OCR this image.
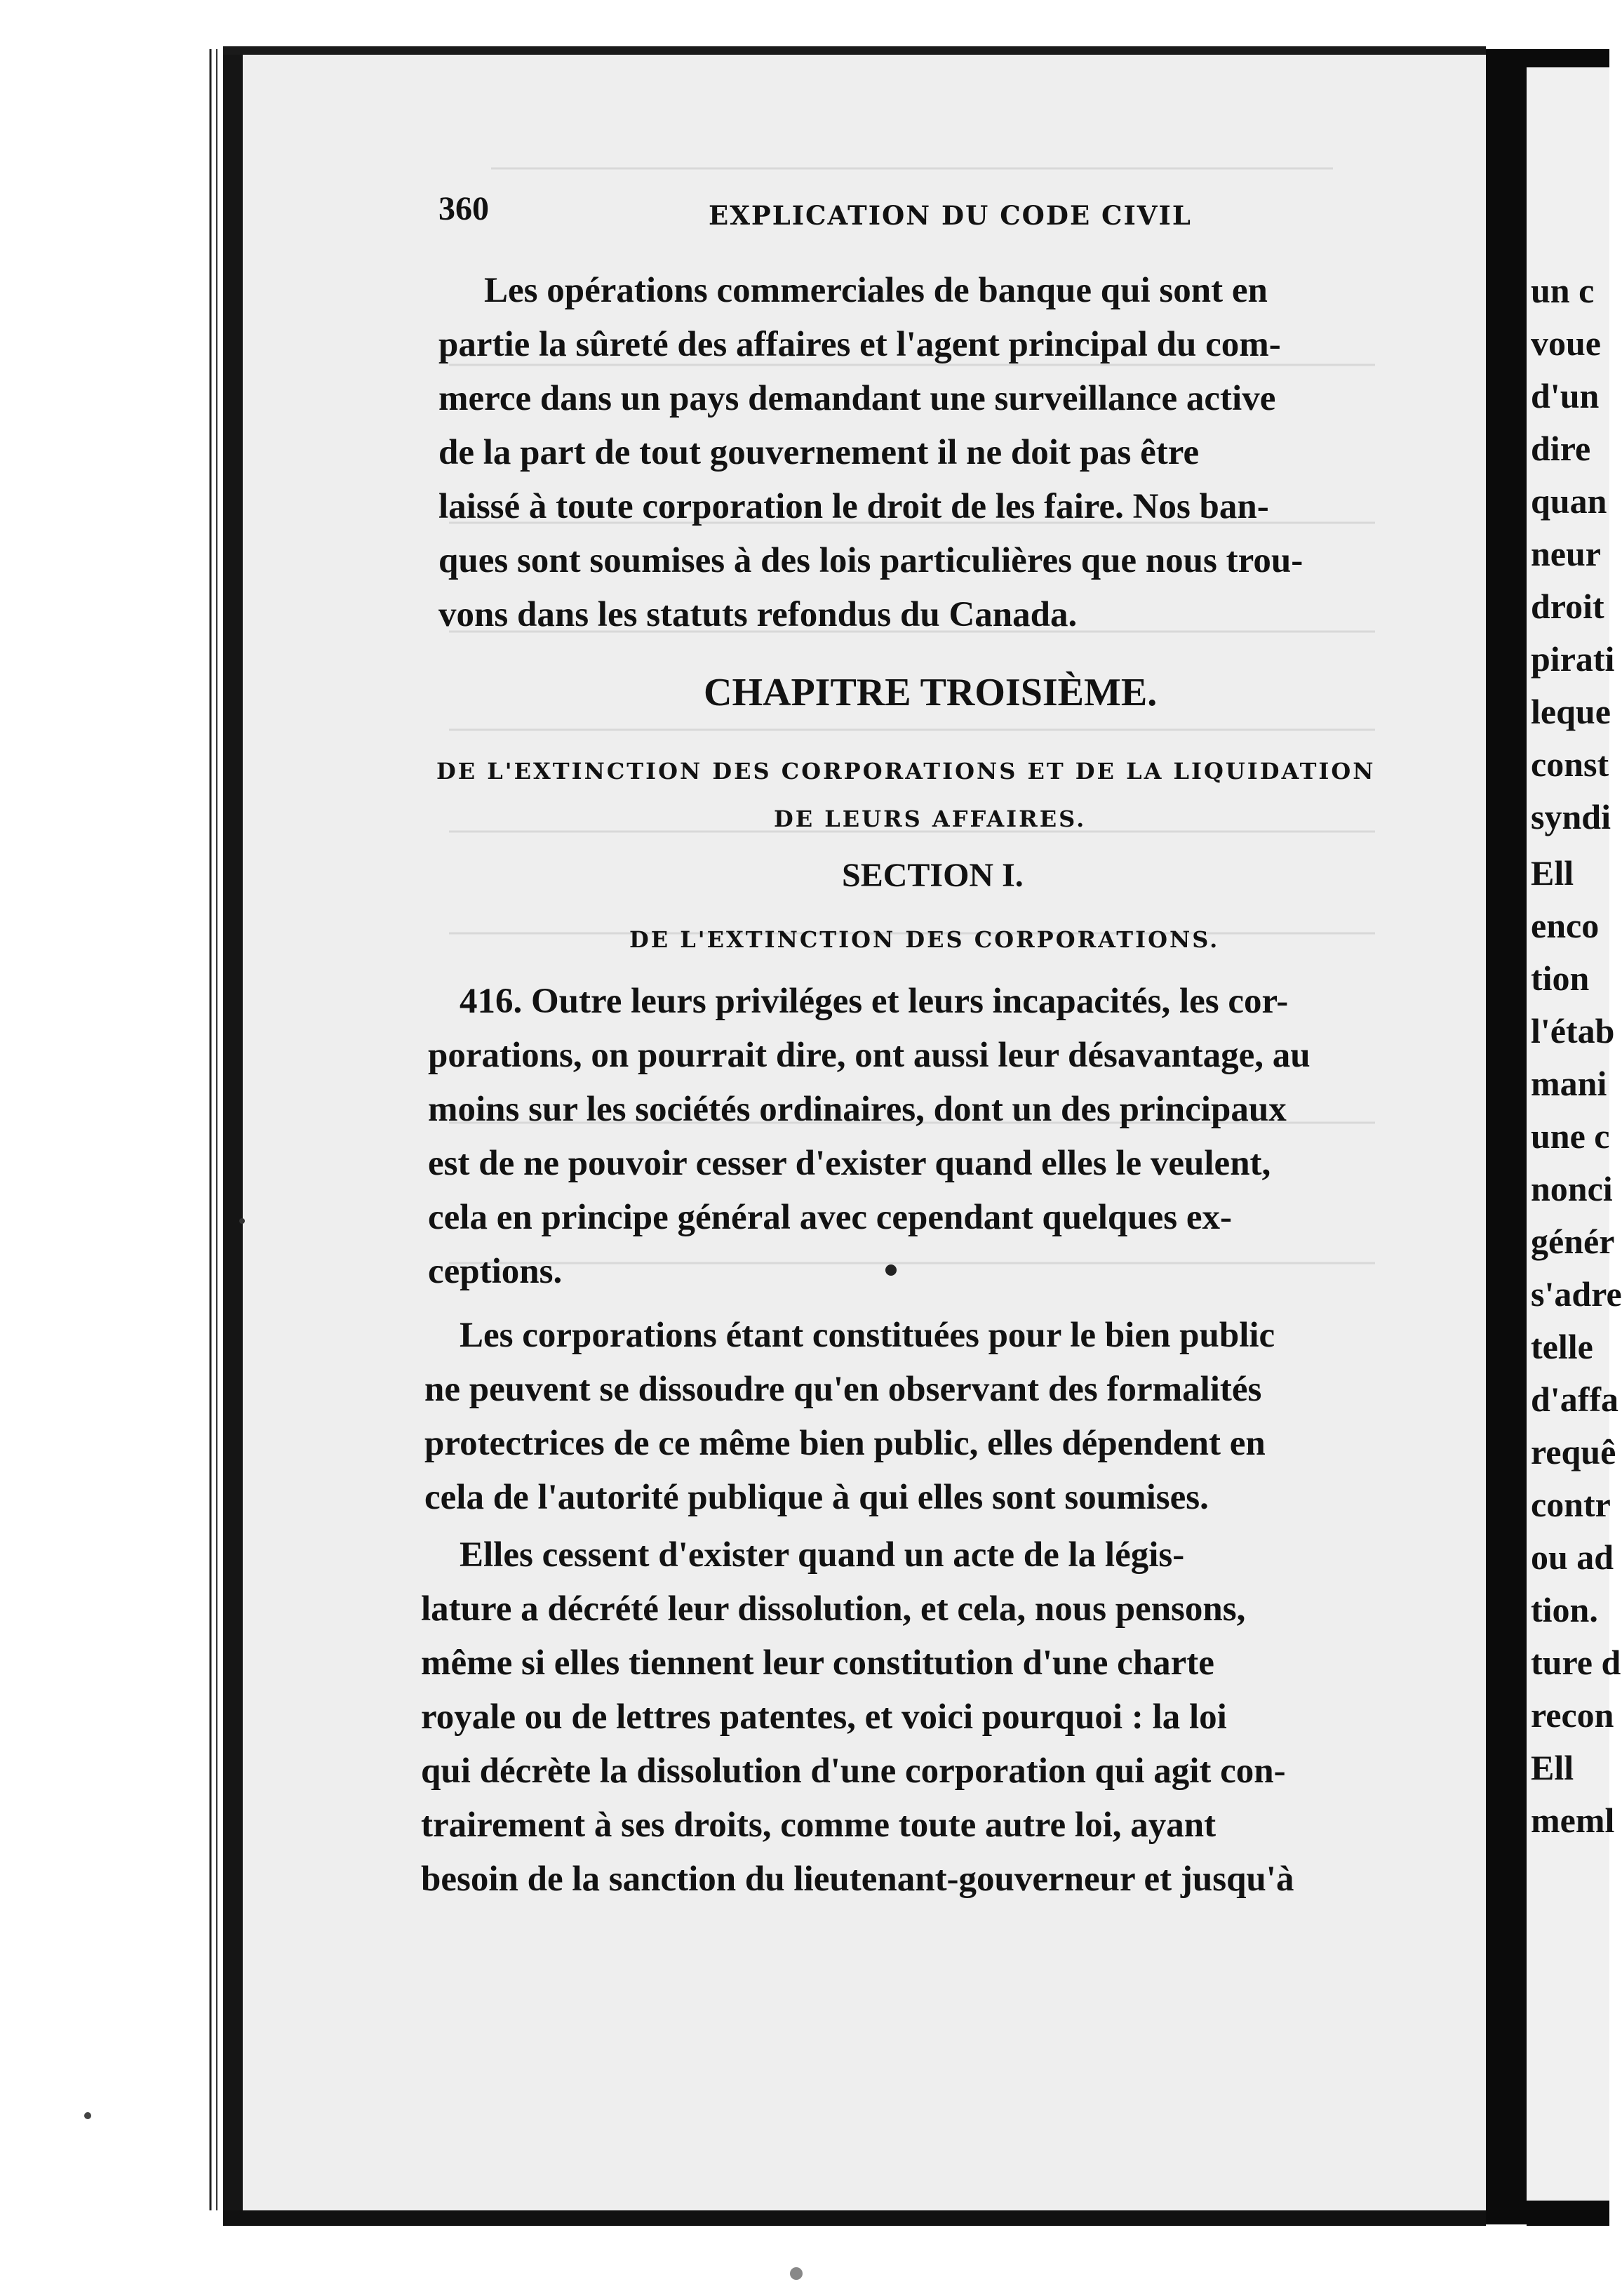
360	EXPLICATION DU CODE CIVIL
Les opérations commerciales de banque qui sont en
partie la sûreté des affaires et l'agent principal du com-
merce dans un pays demandant une surveillance active
de la part de tout gouvernement il ne doit pas être
laissé à toute corporation le droit de les faire. Nos ban-
ques sont soumises à des lois particulières que nous trou-
vons dans les statuts refondus du Canada.
CHAPITRE TROISIÈME.
DE L'EXTINCTION DES CORPORATIONS ET DE LA LIQUIDATION
DE LEURS AFFAIRES.
SECTION I.
DE L'EXTINCTION DES CORPORATIONS.
416. Outre leurs priviléges et leurs incapacités, les cor-
porations, on pourrait dire, ont aussi leur désavantage, au
moins sur les sociétés ordinaires, dont un des principaux
est de ne pouvoir cesser d'exister quand elles le veulent,
cela en principe général avec cependant quelques ex-
ceptions.
Les corporations étant constituées pour le bien public
ne peuvent se dissoudre qu'en observant des formalités
protectrices de ce même bien public, elles dépendent en
cela de l'autorité publique à qui elles sont soumises.
Elles cessent d'exister quand un acte de la légis-
lature a décrété leur dissolution, et cela, nous pensons,
même si elles tiennent leur constitution d'une charte
royale ou de lettres patentes, et voici pourquoi : la loi
qui décrète la dissolution d'une corporation qui agit con-
trairement à ses droits, comme toute autre loi, ayant
besoin de la sanction du lieutenant-gouverneur et jusqu'à
un c
voue
d'un
dire
quan
neur
droit
pirati
leque
const
syndi
Ell
enco
tion
l'étab
mani
une c
nonci
génér
s'adre
telle
d'affa
requê
contr
ou ad
tion.
ture d
recon
Ell
meml
